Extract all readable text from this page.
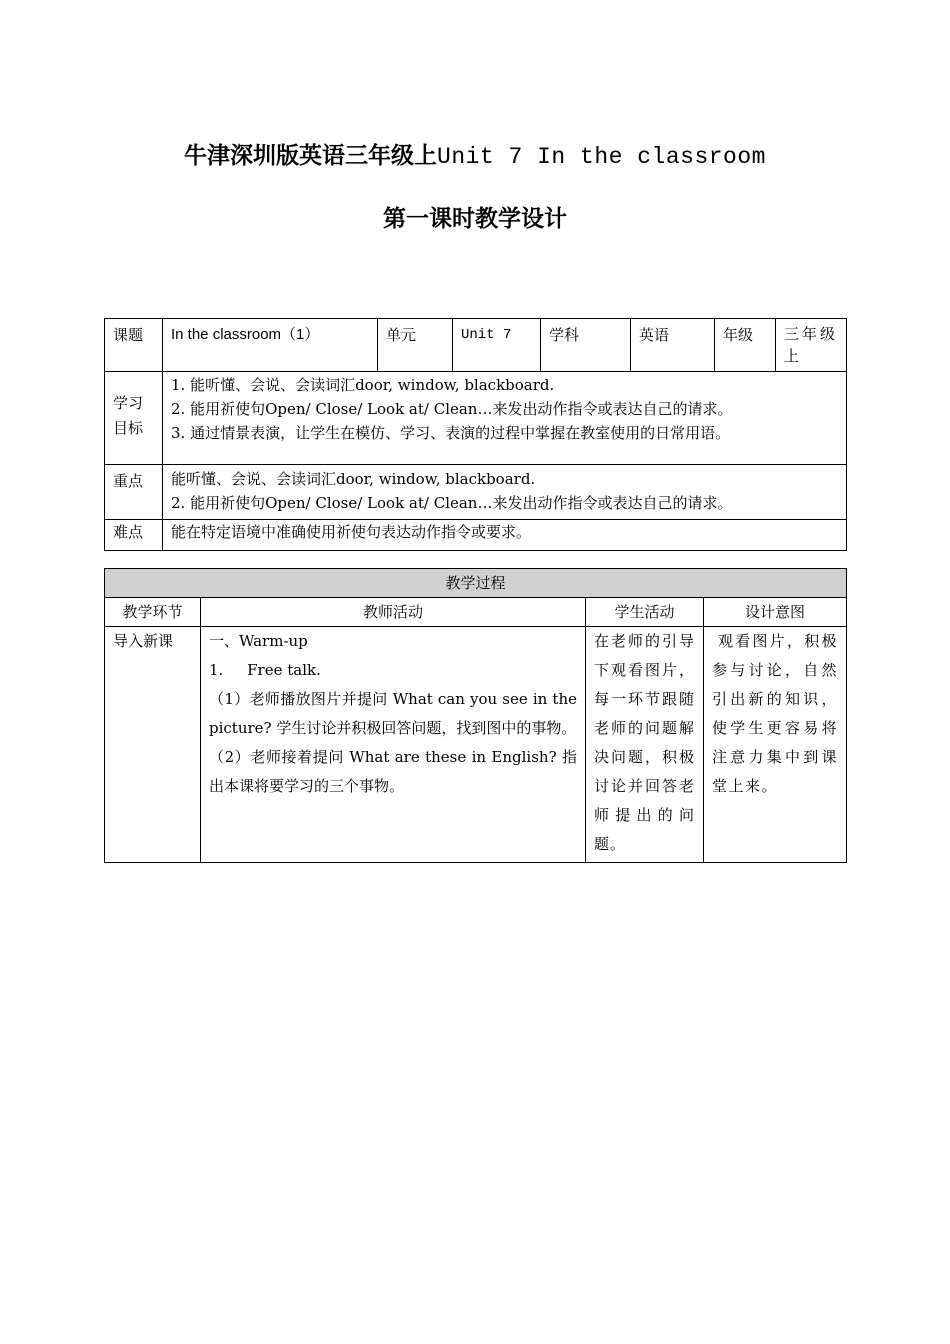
牛津深圳版英语三年级上Unit 7 In the classroom
第一课时教学设计
课题	In the classroom（1）	单元	Unit 7	学科	英语	年级	三年级上
学习目标	1. 能听懂、会说、会读词汇door, window, blackboard.
2. 能用祈使句Open/ Close/ Look at/ Clean…来发出动作指令或表达自己的请求。
3. 通过情景表演，让学生在模仿、学习、表演的过程中掌握在教室使用的日常用语。						

重点	能听懂、会说、会读词汇door, window, blackboard.
2. 能用祈使句Open/ Close/ Look at/ Clean…来发出动作指令或表达自己的请求。						

难点	能在特定语境中准确使用祈使句表达动作指令或要求。						
教学过程			
教学环节	教师活动	学生活动	设计意图
导入新课	一、Warm-up
1.     Free talk.
（1）老师播放图片并提问 What can you see in the picture? 学生讨论并积极回答问题，找到图中的事物。
（2）老师接着提问 What are these in English? 指出本课将要学习的三个事物。	在老师的引导下观看图片，每一环节跟随老师的问题解决问题，积极讨论并回答老师提出的问题。	观看图片，积极参与讨论，自然引出新的知识，使学生更容易将注意力集中到课堂上来。
